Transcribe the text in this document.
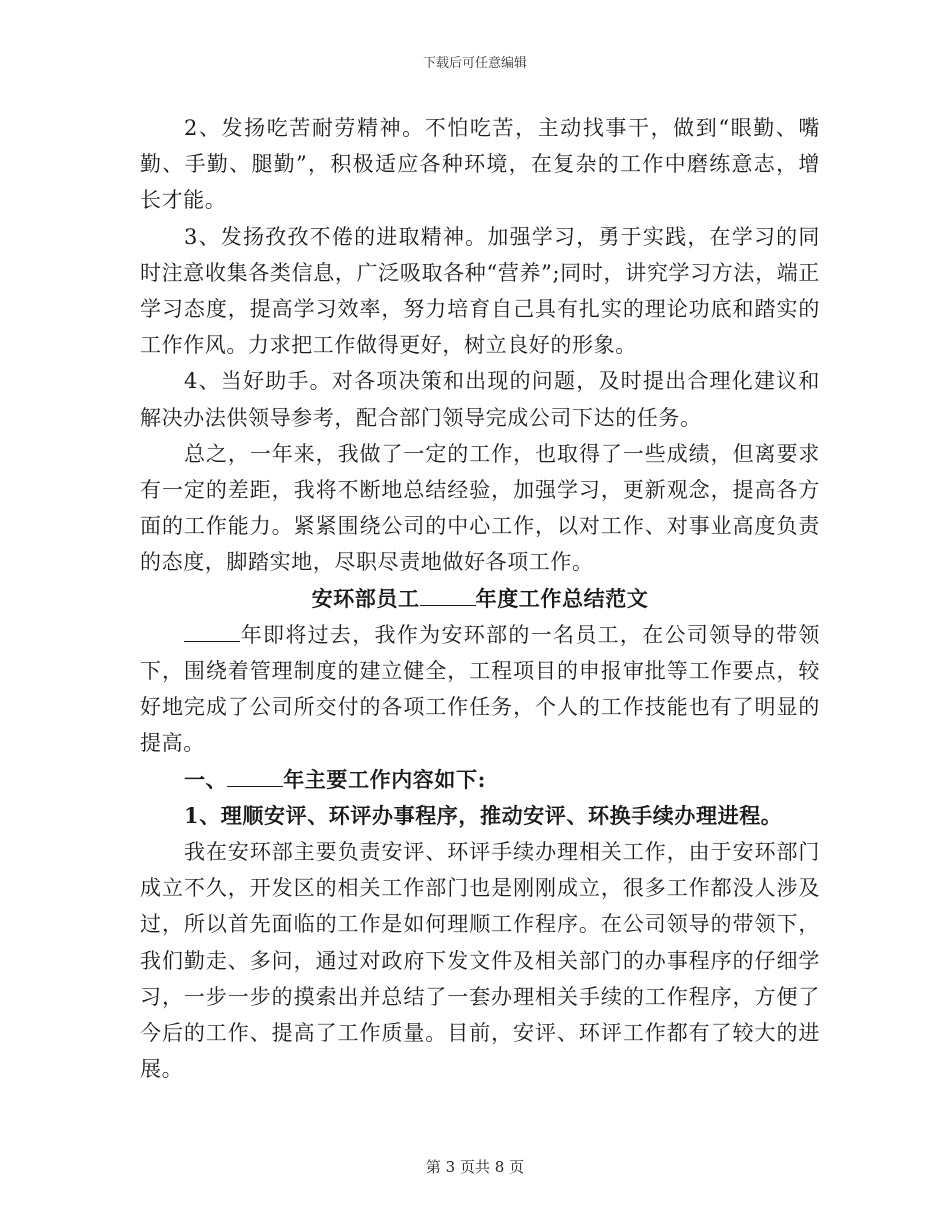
下载后可任意编辑

2、发扬吃苦耐劳精神。不怕吃苦，主动找事干，做到“眼勤、嘴勤、手勤、腿勤”，积极适应各种环境，在复杂的工作中磨练意志，增长才能。

3、发扬孜孜不倦的进取精神。加强学习，勇于实践，在学习的同时注意收集各类信息，广泛吸取各种“营养”;同时，讲究学习方法，端正学习态度，提高学习效率，努力培育自己具有扎实的理论功底和踏实的工作作风。力求把工作做得更好，树立良好的形象。

4、当好助手。对各项决策和出现的问题，及时提出合理化建议和解决办法供领导参考，配合部门领导完成公司下达的任务。

总之，一年来，我做了一定的工作，也取得了一些成绩，但离要求有一定的差距，我将不断地总结经验，加强学习，更新观念，提高各方面的工作能力。紧紧围绕公司的中心工作，以对工作、对事业高度负责的态度，脚踏实地，尽职尽责地做好各项工作。

安环部员工	年度工作总结范文

年即将过去，我作为安环部的一名员工，在公司领导的带领下，围绕着管理制度的建立健全，工程项目的申报审批等工作要点，较好地完成了公司所交付的各项工作任务，个人的工作技能也有了明显的提高。

一、	年主要工作内容如下:

1、理顺安评、环评办事程序，推动安评、环换手续办理进程。

我在安环部主要负责安评、环评手续办理相关工作，由于安环部门成立不久，开发区的相关工作部门也是刚刚成立，很多工作都没人涉及过，所以首先面临的工作是如何理顺工作程序。在公司领导的带领下，我们勤走、多问，通过对政府下发文件及相关部门的办事程序的仔细学习，一步一步的摸索出并总结了一套办理相关手续的工作程序，方便了今后的工作、提高了工作质量。目前，安评、环评工作都有了较大的进展。

第 3 页共 8 页
